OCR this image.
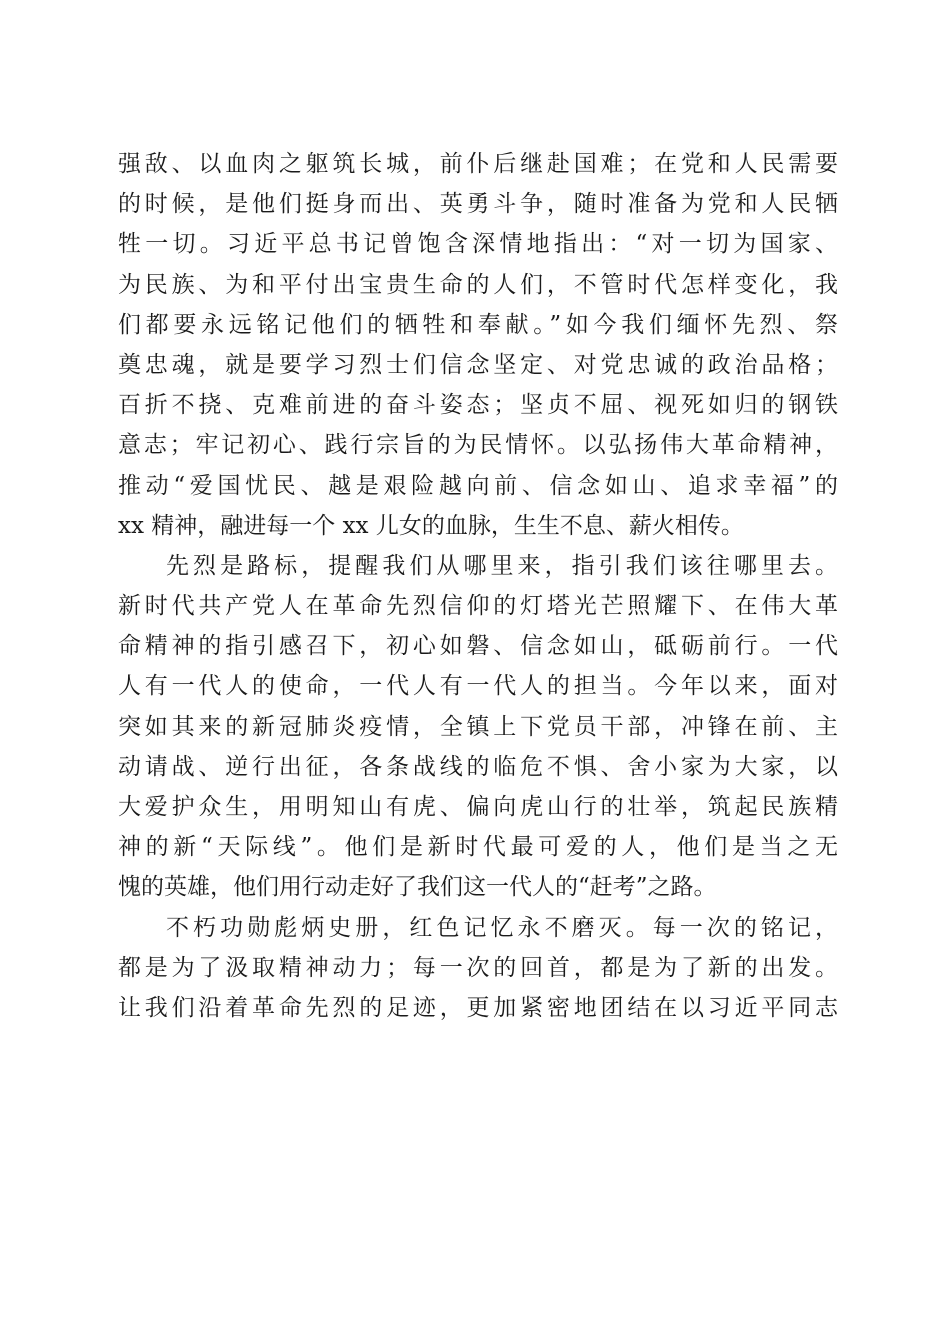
强敌、以血肉之躯筑长城，前仆后继赴国难；在党和人民需要
的时候，是他们挺身而出、英勇斗争，随时准备为党和人民牺
牲一切。习近平总书记曾饱含深情地指出：“对一切为国家、
为民族、为和平付出宝贵生命的人们，不管时代怎样变化，我
们都要永远铭记他们的牺牲和奉献。”如今我们缅怀先烈、祭
奠忠魂，就是要学习烈士们信念坚定、对党忠诚的政治品格；
百折不挠、克难前进的奋斗姿态；坚贞不屈、视死如归的钢铁
意志；牢记初心、践行宗旨的为民情怀。以弘扬伟大革命精神，
推动“爱国忧民、越是艰险越向前、信念如山、追求幸福”的
xx 精神，融进每一个 xx 儿女的血脉，生生不息、薪火相传。
先烈是路标，提醒我们从哪里来，指引我们该往哪里去。
新时代共产党人在革命先烈信仰的灯塔光芒照耀下、在伟大革
命精神的指引感召下，初心如磐、信念如山，砥砺前行。一代
人有一代人的使命，一代人有一代人的担当。今年以来，面对
突如其来的新冠肺炎疫情，全镇上下党员干部，冲锋在前、主
动请战、逆行出征，各条战线的临危不惧、舍小家为大家，以
大爱护众生，用明知山有虎、偏向虎山行的壮举，筑起民族精
神的新“天际线”。他们是新时代最可爱的人，他们是当之无
愧的英雄，他们用行动走好了我们这一代人的“赶考”之路。
不朽功勋彪炳史册，红色记忆永不磨灭。每一次的铭记，
都是为了汲取精神动力；每一次的回首，都是为了新的出发。
让我们沿着革命先烈的足迹，更加紧密地团结在以习近平同志
